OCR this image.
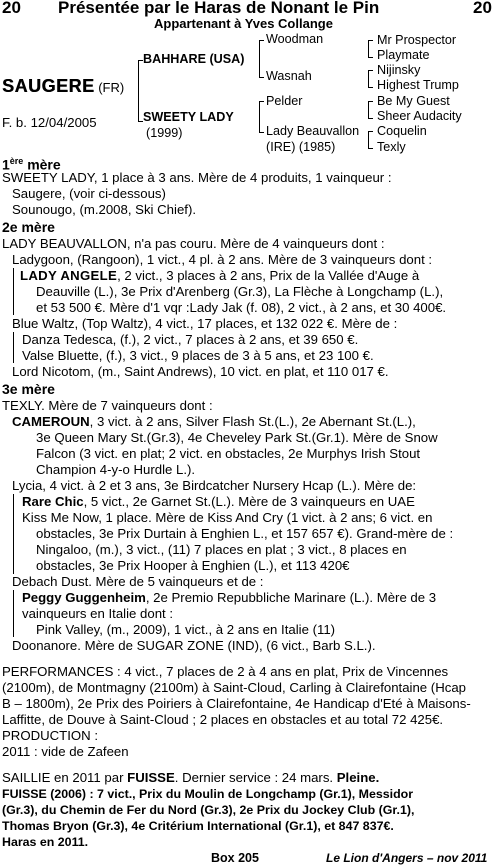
20 Présentée par le Haras de Nonant le Pin	20
Appartenant à Yves Collange
SAUGERE (FR)
F. b. 12/04/2005
BAHHARE (USA)
SWEETY LADY
(1999)
Woodman
Wasnah
Pelder
Lady Beauvallon
(IRE) (1985)
Mr Prospector
Playmate
Nijinsky
Highest Trump
Be My Guest
Sheer Audacity
Coquelin
Texly
1ère mère
SWEETY LADY, 1 place à 3 ans. Mère de 4 produits, 1 vainqueur :
Saugere, (voir ci-dessous)
Sounougo, (m.2008, Ski Chief).
2e mère
LADY BEAUVALLON, n'a pas couru. Mère de 4 vainqueurs dont :
Ladygoon, (Rangoon), 1 vict., 4 pl. à 2 ans. Mère de 3 vainqueurs dont :
LADY ANGELE, 2 vict., 3 places à 2 ans, Prix de la Vallée d'Auge à
Deauville (L.), 3e Prix d'Arenberg (Gr.3), La Flèche à Longchamp (L.),
et 53 500 €. Mère d'1 vqr :Lady Jak (f. 08), 2 vict., à 2 ans, et 30 400€.
Blue Waltz, (Top Waltz), 4 vict., 17 places, et 132 022 €. Mère de :
Danza Tedesca, (f.), 2 vict., 7 places à 2 ans, et 39 650 €.
Valse Bluette, (f.), 3 vict., 9 places de 3 à 5 ans, et 23 100 €.
Lord Nicotom, (m., Saint Andrews), 10 vict. en plat, et 110 017 €.
3e mère
TEXLY. Mère de 7 vainqueurs dont :
CAMEROUN, 3 vict. à 2 ans, Silver Flash St.(L.), 2e Abernant St.(L.),
3e Queen Mary St.(Gr.3), 4e Cheveley Park St.(Gr.1). Mère de Snow
Falcon (3 vict. en plat; 2 vict. en obstacles, 2e Murphys Irish Stout
Champion 4-y-o Hurdle L.).
Lycia, 4 vict. à 2 et 3 ans, 3e Birdcatcher Nursery Hcap (L.). Mère de:
Rare Chic, 5 vict., 2e Garnet St.(L.). Mère de 3 vainqueurs en UAE
Kiss Me Now, 1 place. Mère de Kiss And Cry (1 vict. à 2 ans; 6 vict. en
obstacles, 3e Prix Durtain à Enghien L., et 157 657 €). Grand-mère de :
Ningaloo, (m.), 3 vict., (11) 7 places en plat ; 3 vict., 8 places en
obstacles, 3e Prix Hooper à Enghien (L.), et 113 420€
Debach Dust. Mère de 5 vainqueurs et de :
Peggy Guggenheim, 2e Premio Repubbliche Marinare (L.). Mère de 3
vainqueurs en Italie dont :
Pink Valley, (m., 2009), 1 vict., à 2 ans en Italie (11)
Doonanore. Mère de SUGAR ZONE (IND), (6 vict., Barb S.L.).
PERFORMANCES : 4 vict., 7 places de 2 à 4 ans en plat, Prix de Vincennes
(2100m), de Montmagny (2100m) à Saint-Cloud, Carling à Clairefontaine (Hcap
B – 1800m), 2e Prix des Poiriers à Clairefontaine, 4e Handicap d'Eté à Maisons-
Laffitte, de Douve à Saint-Cloud ; 2 places en obstacles et au total 72 425€.
PRODUCTION :
2011 : vide de Zafeen
SAILLIE en 2011 par FUISSE. Dernier service : 24 mars. Pleine.
FUISSE (2006) : 7 vict., Prix du Moulin de Longchamp (Gr.1), Messidor
(Gr.3), du Chemin de Fer du Nord (Gr.3), 2e Prix du Jockey Club (Gr.1),
Thomas Bryon (Gr.3), 4e Critérium International (Gr.1), et 847 837€.
Haras en 2011.
Box 205	Le Lion d'Angers – nov 2011
